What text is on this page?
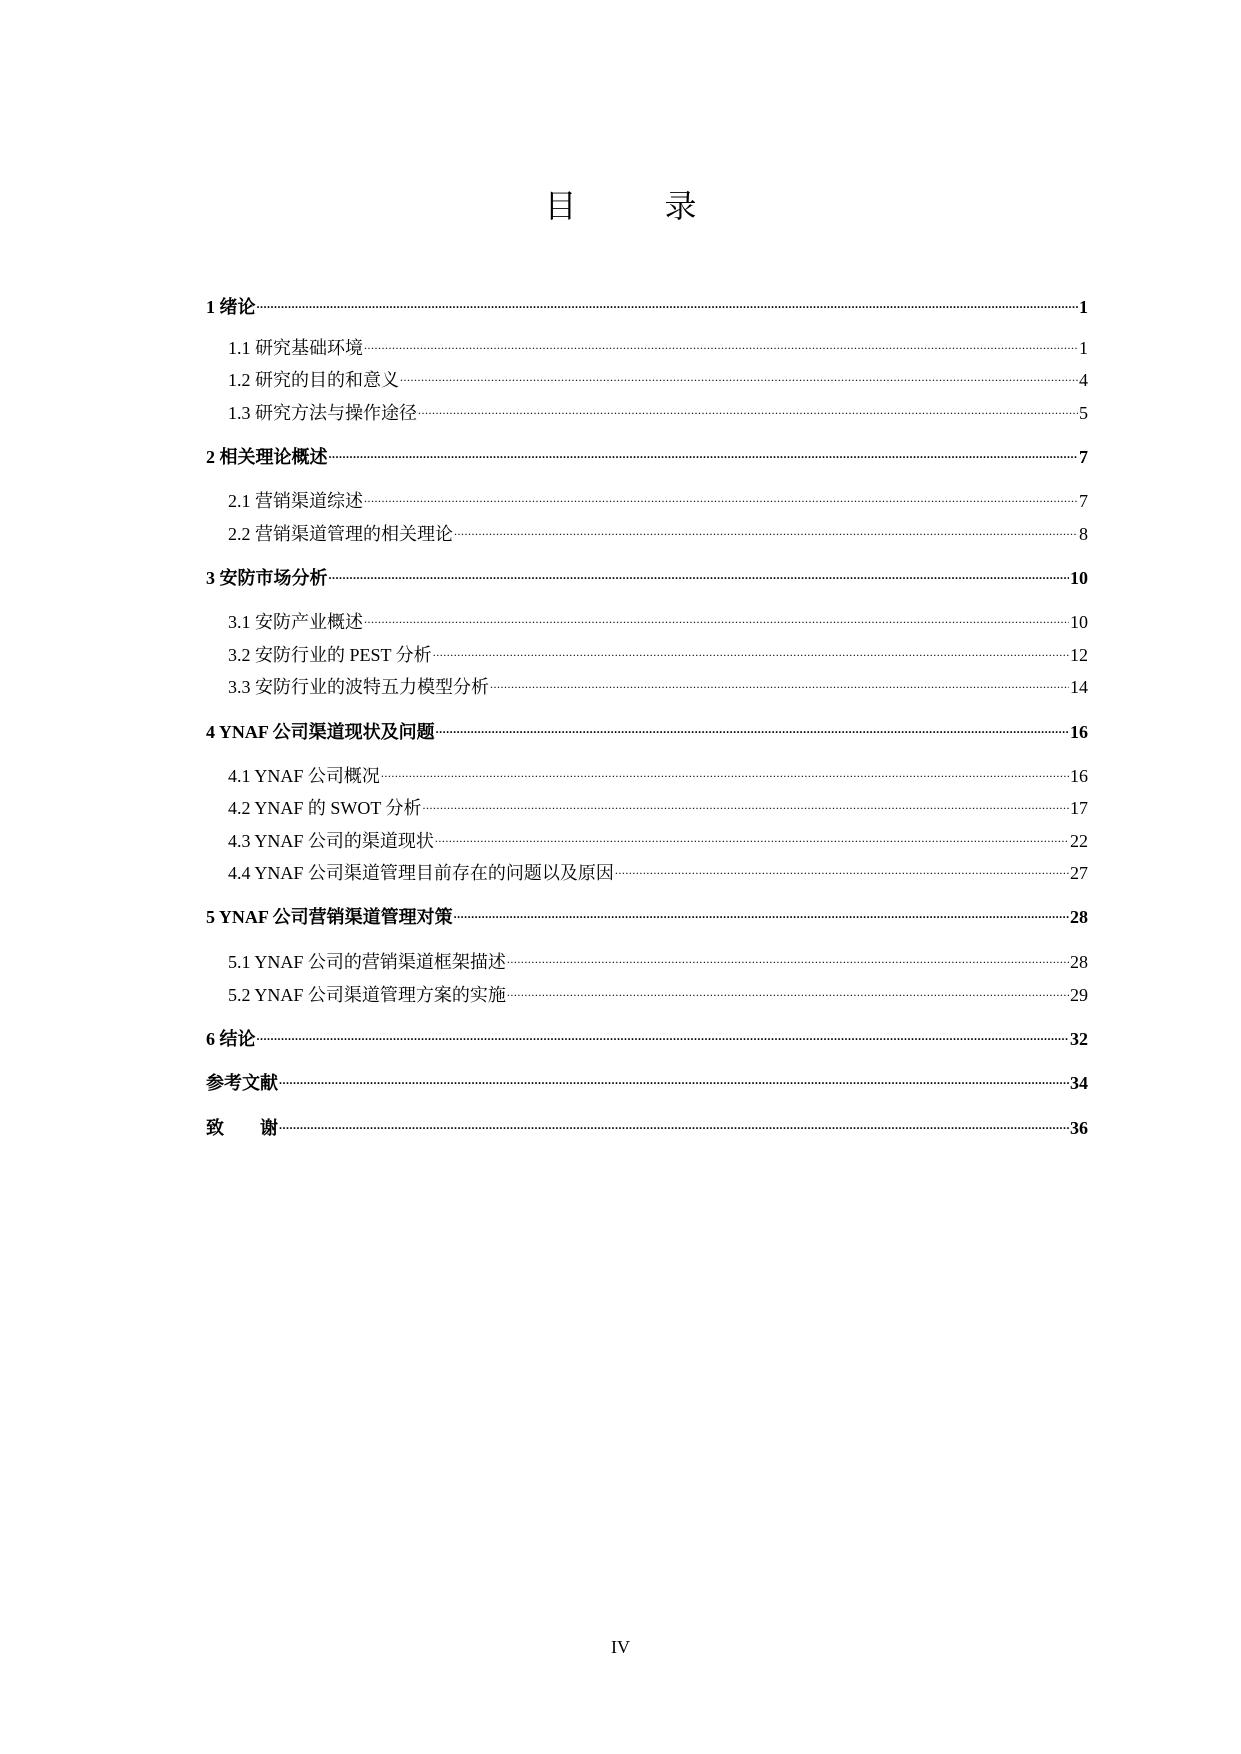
目　录
1 绪论 .....	1
1.1 研究基础环境 .....	1
1.2 研究的目的和意义 .....	4
1.3 研究方法与操作途径 .....	5
2 相关理论概述 .....	7
2.1 营销渠道综述 .....	7
2.2 营销渠道管理的相关理论 .....	8
3 安防市场分析 .....	10
3.1 安防产业概述 .....	10
3.2 安防行业的 PEST 分析 .....	12
3.3 安防行业的波特五力模型分析 .....	14
4 YNAF 公司渠道现状及问题 .....	16
4.1 YNAF 公司概况 .....	16
4.2 YNAF 的 SWOT 分析 .....	17
4.3 YNAF 公司的渠道现状 .....	22
4.4 YNAF 公司渠道管理目前存在的问题以及原因 .....	27
5 YNAF 公司营销渠道管理对策 .....	28
5.1 YNAF 公司的营销渠道框架描述 .....	28
5.2 YNAF 公司渠道管理方案的实施 .....	29
6 结论 .....	32
参考文献 .....	34
致　　谢 .....	36
IV
